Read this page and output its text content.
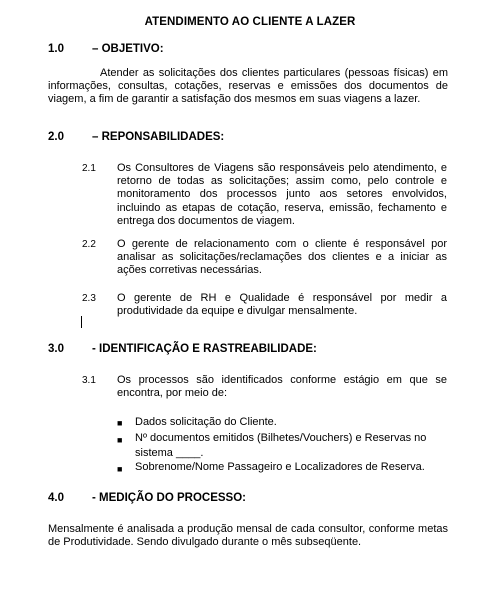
ATENDIMENTO AO CLIENTE A LAZER
1.0 – OBJETIVO:
Atender as solicitações dos clientes particulares (pessoas físicas) em informações, consultas, cotações, reservas e emissões dos documentos de viagem, a fim de garantir a satisfação dos mesmos em suas viagens a lazer.
2.0 – REPONSABILIDADES:
2.1 Os Consultores de Viagens são responsáveis pelo atendimento, e retorno de todas as solicitações; assim como, pelo controle e monitoramento dos processos junto aos setores envolvidos, incluindo as etapas de cotação, reserva, emissão, fechamento e entrega dos documentos de viagem.
2.2 O gerente de relacionamento com o cliente é responsável por analisar as solicitações/reclamações dos clientes e a iniciar as ações corretivas necessárias.
2.3 O gerente de RH e Qualidade é responsável por medir a produtividade da equipe e divulgar mensalmente.
3.0 - IDENTIFICAÇÃO E RASTREABILIDADE:
3.1 Os processos são identificados conforme estágio em que se encontra, por meio de:
■ Dados solicitação do Cliente.
■ Nº documentos emitidos (Bilhetes/Vouchers) e Reservas no sistema ____.
■ Sobrenome/Nome Passageiro e Localizadores de Reserva.
4.0 - MEDIÇÃO DO PROCESSO:
Mensalmente é analisada a produção mensal de cada consultor, conforme metas de Produtividade. Sendo divulgado durante o mês subseqüente.
